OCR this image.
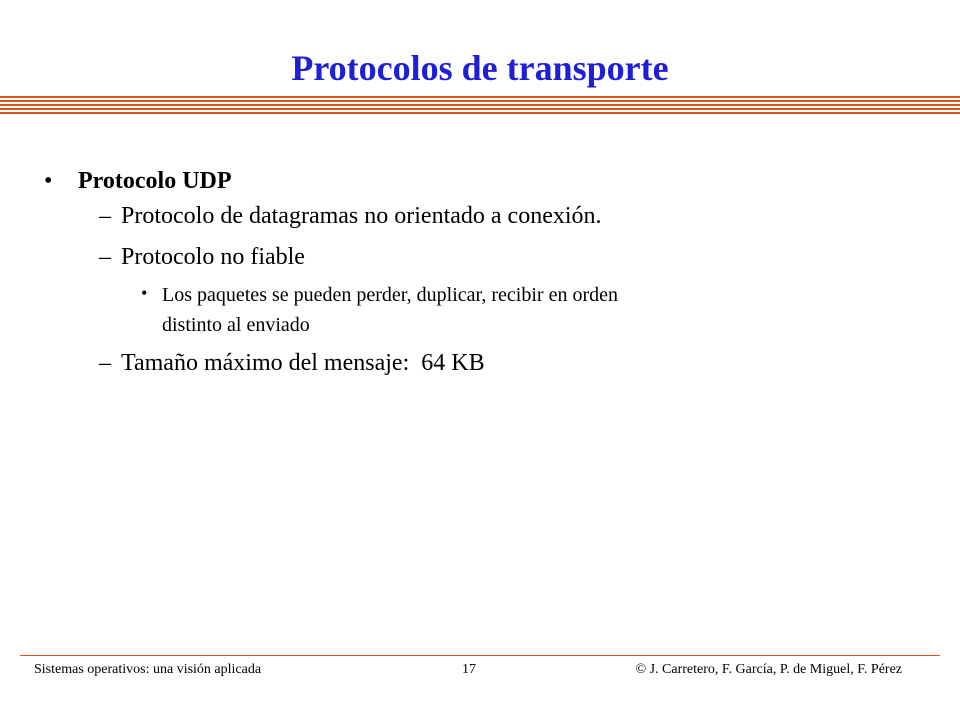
Protocolos de transporte
• Protocolo UDP
– Protocolo de datagramas no orientado a conexión.
– Protocolo no fiable
• Los paquetes se pueden perder, duplicar, recibir en orden
distinto al enviado
– Tamaño máximo del mensaje:  64 KB
Sistemas operativos: una visión aplicada	17	© J. Carretero, F. García, P. de Miguel, F. Pérez
